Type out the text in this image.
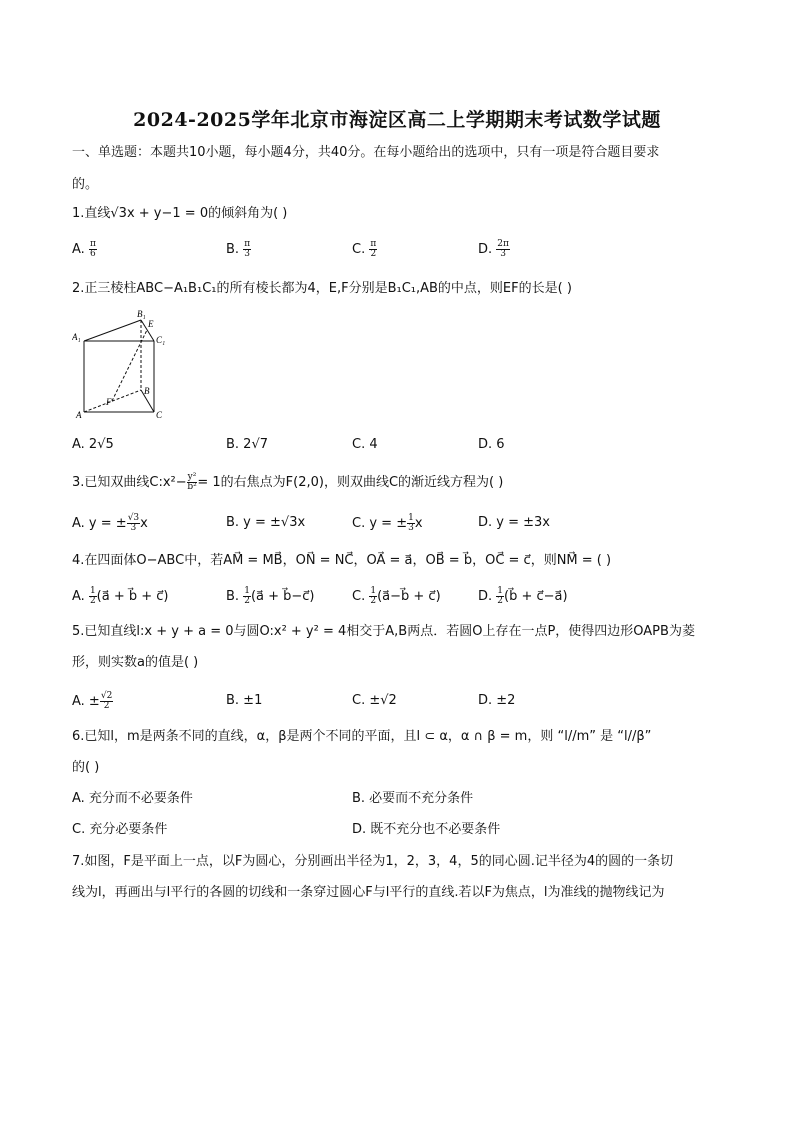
2024-2025学年北京市海淀区高二上学期期末考试数学试题
一、单选题：本题共10小题，每小题4分，共40分。在每小题给出的选项中，只有一项是符合题目要求
的。
1.直线√3x + y−1 = 0的倾斜角为( )
A. $\frac{\pi}{6}$	B. $\frac{\pi}{3}$	C. $\frac{\pi}{2}$	D. $\frac{2\pi}{3}$
2.正三棱柱ABC−A₁B₁C₁的所有棱长都为4，E,F分别是B₁C₁,AB的中点，则EF的长是( )
B₁
E
A₁	C₁
B
F
A	C
A. 2√5	B. 2√7	C. 4	D. 6
3.已知双曲线C:x²− $\frac{\text{y²}}{\text{b²}} = 1$的右焦点为F(2,0)，则双曲线C的渐近线方程为( )
A. y = ± $\frac{√3}{3}$ x	B. y = ±√3x	C. y = ± $\frac{1}{3}$ x	D. y = ±3x
4.在四面体O−ABC中，若AM⃗ = MB⃗，ON⃗ = NC⃗，OA⃗ = a⃗，OB⃗ = b⃗，OC⃗ = c⃗，则NM⃗ = ( )
A. $\frac{1}{2}$ (a⃗ + b⃗ + c⃗)	B. $\frac{1}{2}$ (a⃗ + b⃗−c⃗)	C. $\frac{1}{2}$ (a⃗−b⃗ + c⃗)	D. $\frac{1}{2}$ (b⃗ + c⃗−a⃗)
5.已知直线l:x + y + a = 0与圆O:x² + y² = 4相交于A,B两点．若圆O上存在一点P，使得四边形OAPB为菱
形，则实数a的值是( )
A. ± $\frac{√2}{2}$	B. ±1	C. ±√2	D. ±2
6.已知l，m是两条不同的直线，α，β是两个不同的平面，且l ⊂ α，α ∩ β = m，则 “l//m” 是 “l//β”
的( )
A. 充分而不必要条件	B. 必要而不充分条件
C. 充分必要条件	D. 既不充分也不必要条件
7.如图，F是平面上一点，以F为圆心，分别画出半径为1，2，3，4，5的同心圆.记半径为4的圆的一条切
线为l，再画出与l平行的各圆的切线和一条穿过圆心F与l平行的直线.若以F为焦点，l为准线的抛物线记为
